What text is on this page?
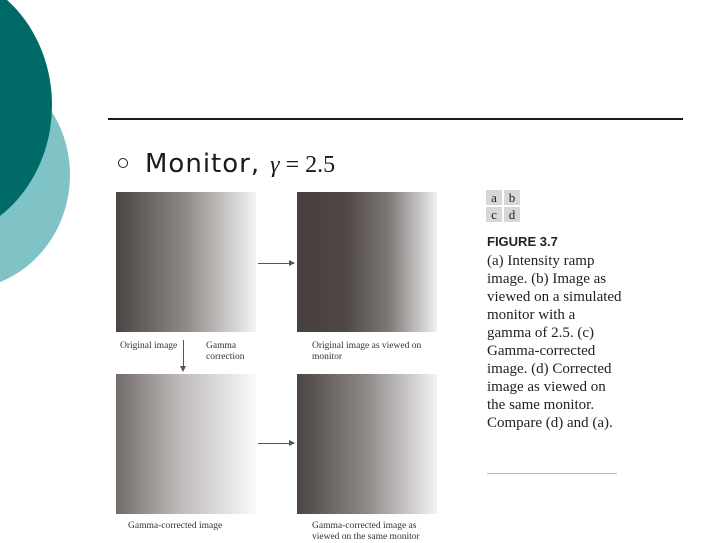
Monitor, γ = 2.5
Original image	Gamma correction
Original image as viewed on monitor
Gamma-corrected image	Gamma-corrected image as viewed on the same monitor
a b
c d
FIGURE 3.7
(a) Intensity ramp image. (b) Image as viewed on a simulated monitor with a gamma of 2.5. (c) Gamma-corrected image. (d) Corrected image as viewed on the same monitor. Compare (d) and (a).
